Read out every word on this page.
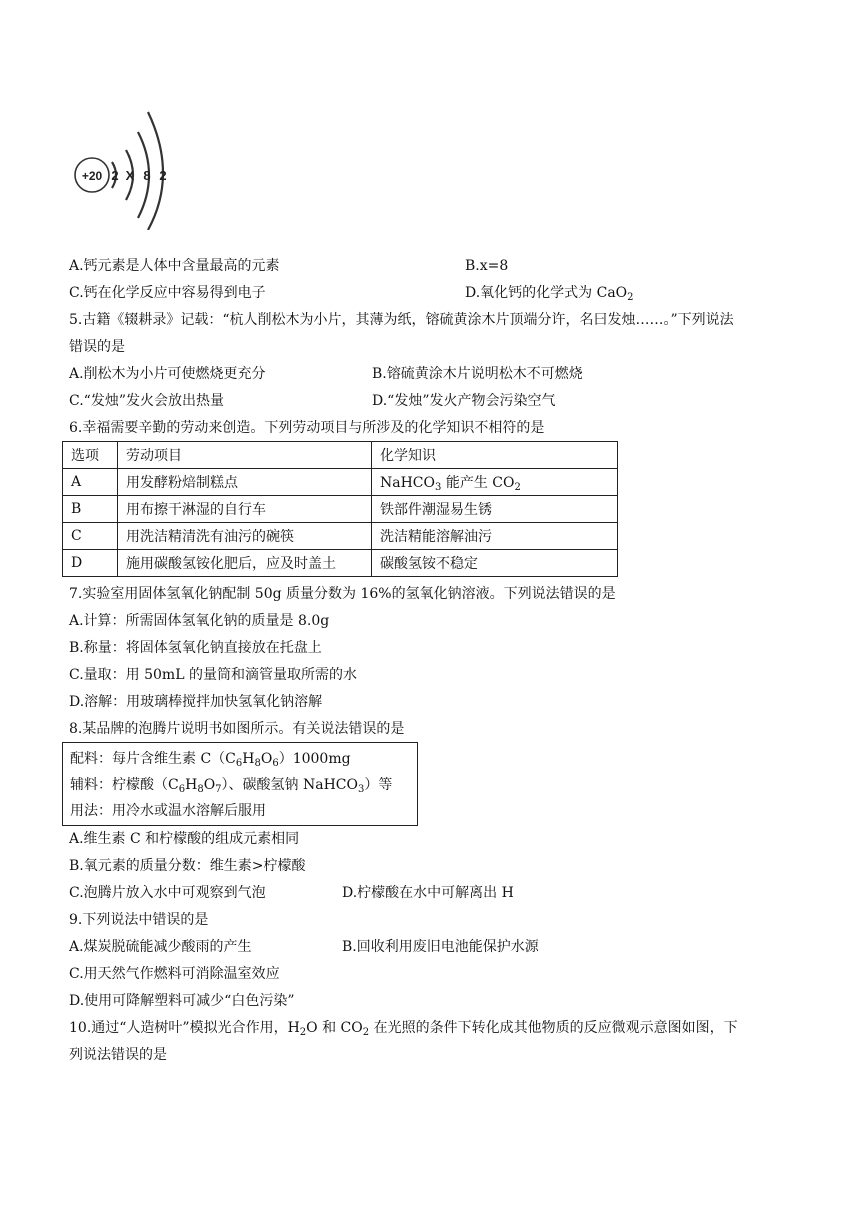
+20 2 X 8 2
A.钙元素是人体中含量最高的元素	B.x=8
C.钙在化学反应中容易得到电子	D.氧化钙的化学式为 CaO$_2$
5.古籍《辍耕录》记载：“杭人削松木为小片，其薄为纸，镕硫黄涂木片顶端分许，名曰发烛……。”下列说法
错误的是
A.削松木为小片可使燃烧更充分	B.镕硫黄涂木片说明松木不可燃烧
C.“发烛”发火会放出热量	D.“发烛”发火产物会污染空气
6.幸福需要辛勤的劳动来创造。下列劳动项目与所涉及的化学知识不相符的是
选项	劳动项目	化学知识
A	用发酵粉焙制糕点	NaHCO$_3$ 能产生 $CO_2$
B	用布擦干淋湿的自行车	铁部件潮湿易生锈
C	用洗洁精清洗有油污的碗筷	洗洁精能溶解油污
D	施用碳酸氢铵化肥后，应及时盖土	碳酸氢铵不稳定
7.实验室用固体氢氧化钠配制 50g 质量分数为 16%的氢氧化钠溶液。下列说法错误的是
A.计算：所需固体氢氧化钠的质量是 8.0g
B.称量：将固体氢氧化钠直接放在托盘上
C.量取：用 50mL 的量筒和滴管量取所需的水
D.溶解：用玻璃棒搅拌加快氢氧化钠溶解
8.某品牌的泡腾片说明书如图所示。有关说法错误的是
配料：每片含维生素 $C(C_6H_8O_6)1000mg$
辅料：柠檬酸$(C_6H_8O_7)$、碳酸氢钠 NaHCO$_3$）等
用法：用冷水或温水溶解后服用
A.维生素 C 和柠檬酸的组成元素相同
B.氧元素的质量分数：维生素>柠檬酸
C.泡腾片放入水中可观察到气泡	D.柠檬酸在水中可解离出 H
9.下列说法中错误的是
A.煤炭脱硫能减少酸雨的产生	B.回收利用废旧电池能保护水源
C.用天然气作燃料可消除温室效应
D.使用可降解塑料可减少“白色污染”
10.通过“人造树叶”模拟光合作用，$H_2O$ 和 $CO_2$ 在光照的条件下转化成其他物质的反应微观示意图如图，下
列说法错误的是
